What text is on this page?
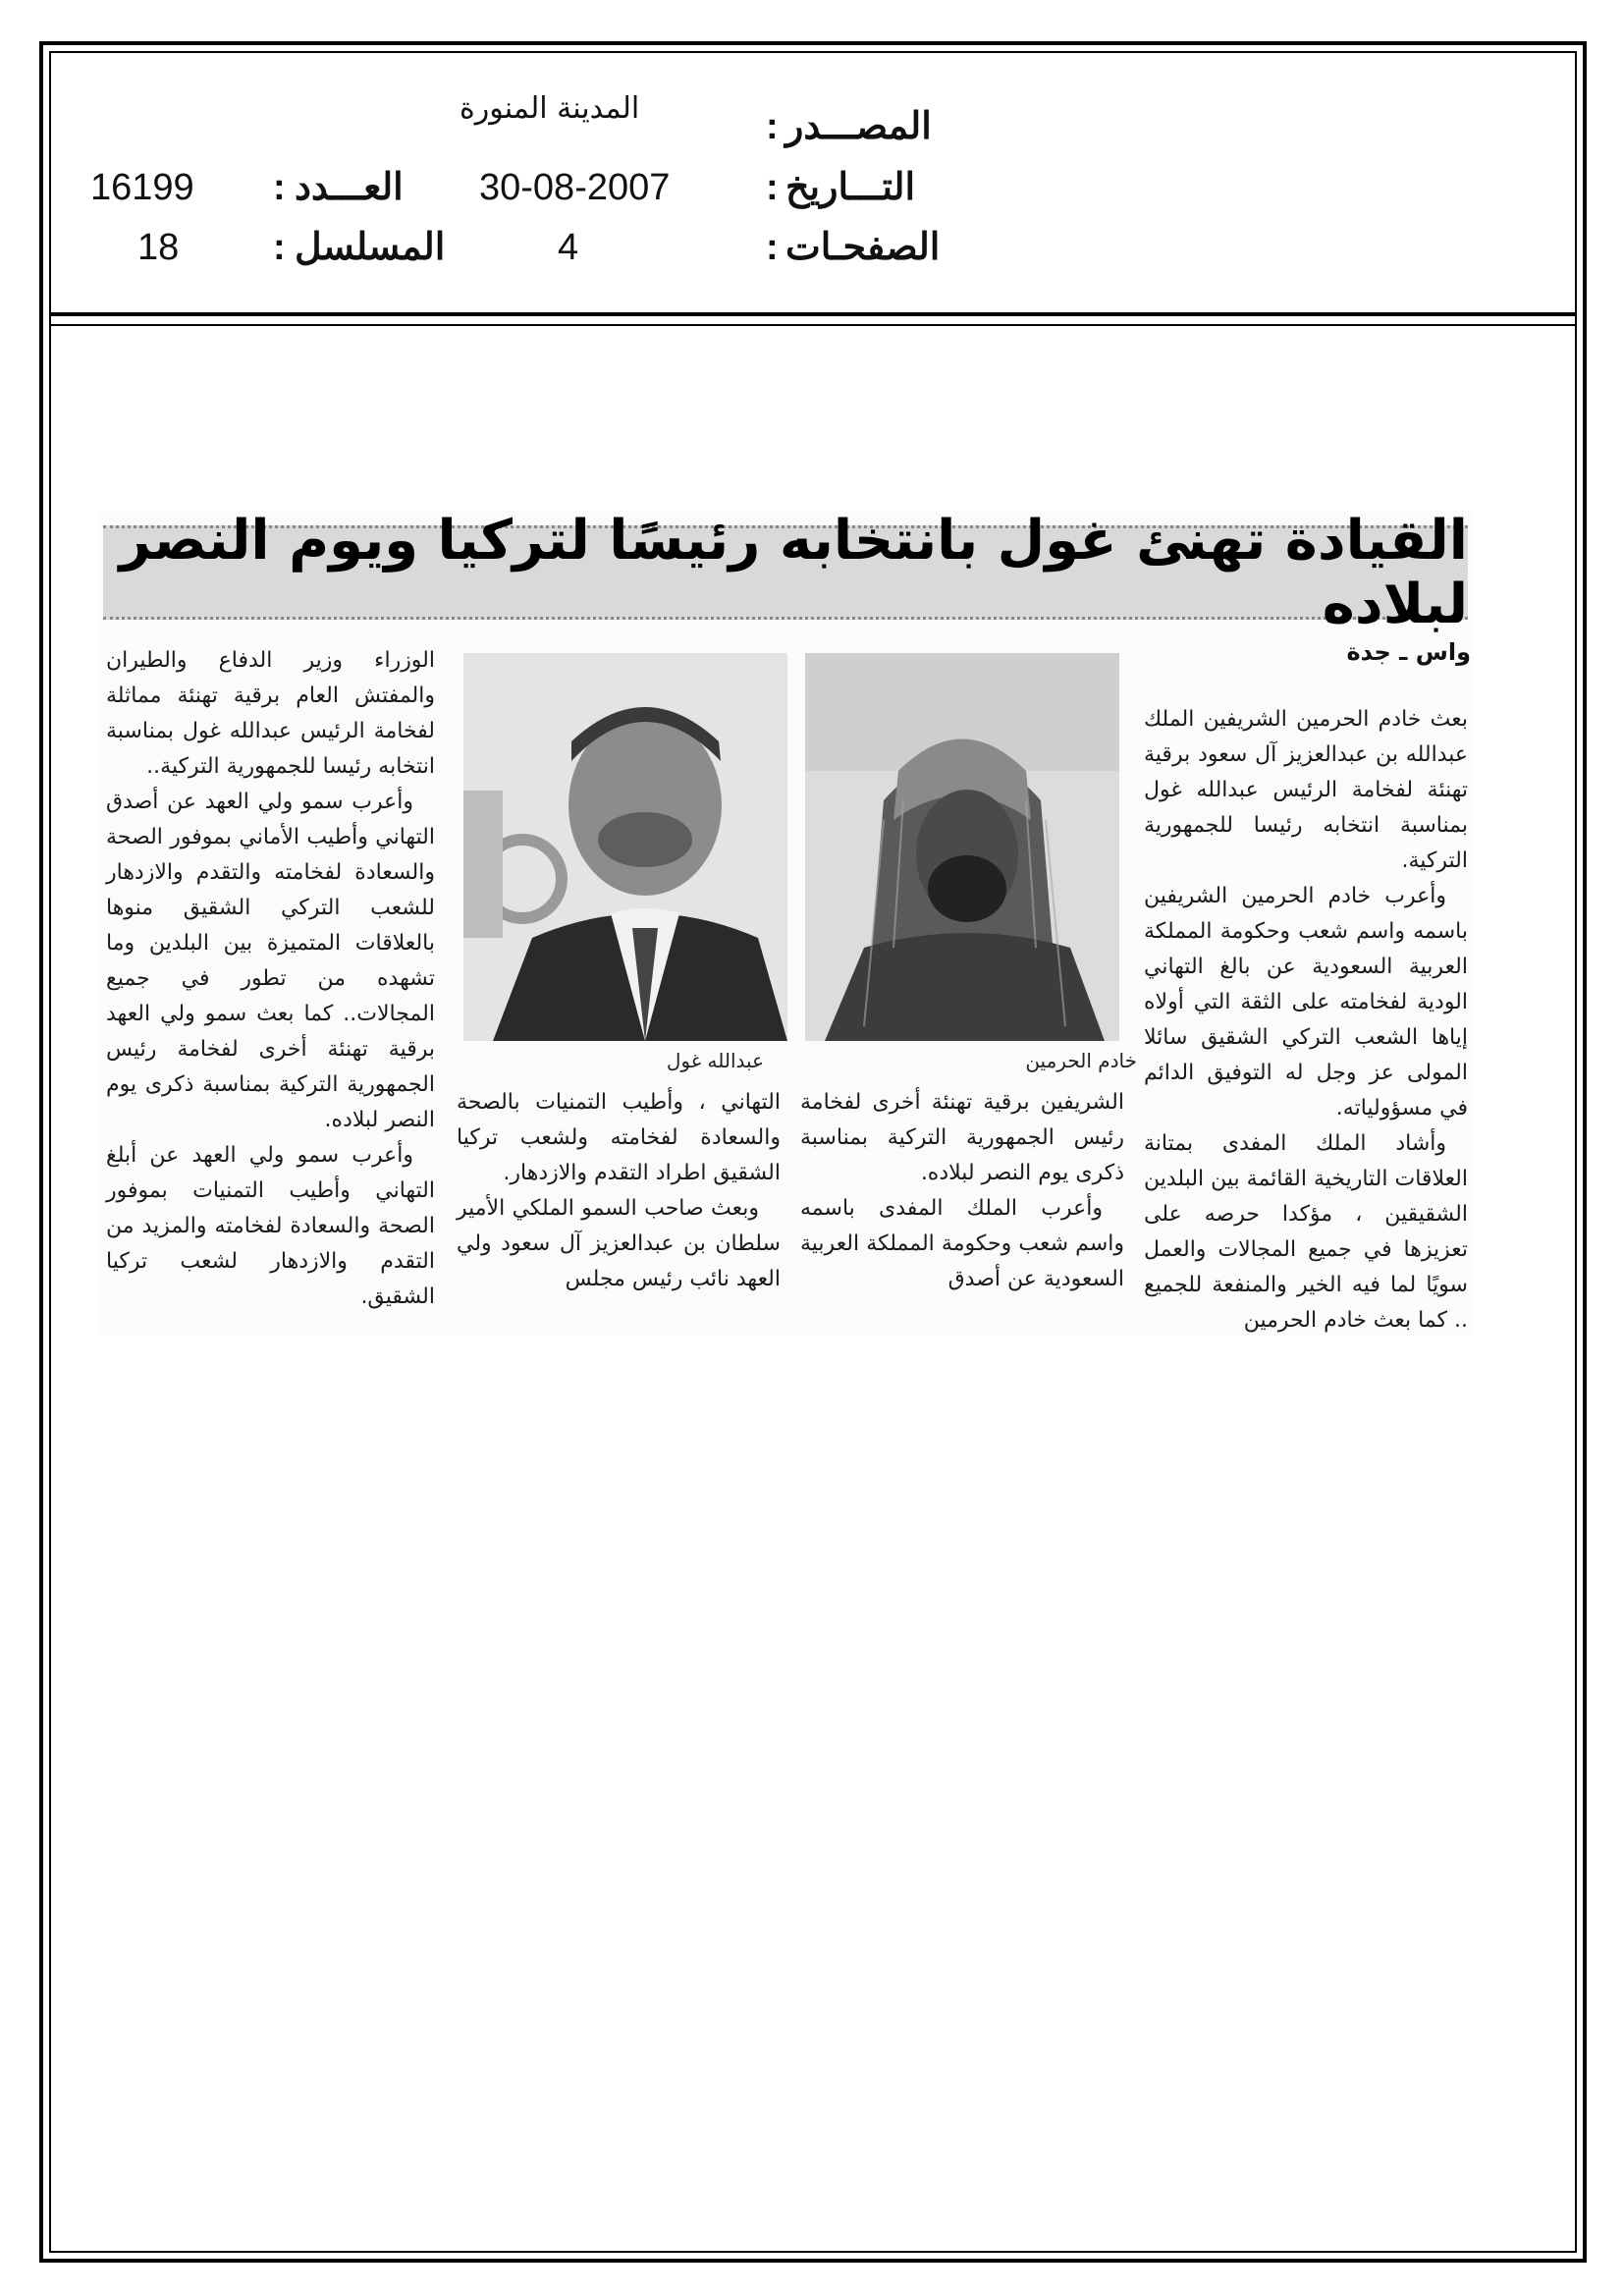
المصـــدر
:
المدينة المنورة
التـــاريخ
:
30-08-2007
الصفحـات
:
4
العـــدد
:
16199
المسلسل
:
18
القيادة تهنئ غول بانتخابه رئيسًا لتركيا ويوم النصر لبلاده
واس ـ جدة

بعث خادم الحرمين الشريفين الملك عبدالله بن عبدالعزيز آل سعود برقية تهنئة لفخامة الرئيس عبدالله غول بمناسبة انتخابه رئيسا للجمهورية التركية.

وأعرب خادم الحرمين الشريفين باسمه واسم شعب وحكومة المملكة العربية السعودية عن بالغ التهاني الودية لفخامته على الثقة التي أولاه إياها الشعب التركي الشقيق سائلا المولى عز وجل له التوفيق الدائم في مسؤولياته.

وأشاد الملك المفدى بمتانة العلاقات التاريخية القائمة بين البلدين الشقيقين ، مؤكدا حرصه على تعزيزها في جميع المجالات والعمل سويًا لما فيه الخير والمنفعة للجميع .. كما بعث خادم الحرمين

خادم الحرمين
عبدالله غول

الشريفين برقية تهنئة أخرى لفخامة رئيس الجمهورية التركية بمناسبة ذكرى يوم النصر لبلاده.

وأعرب الملك المفدى باسمه واسم شعب وحكومة المملكة العربية السعودية عن أصدق

التهاني ، وأطيب التمنيات بالصحة والسعادة لفخامته ولشعب تركيا الشقيق اطراد التقدم والازدهار.

وبعث صاحب السمو الملكي الأمير سلطان بن عبدالعزيز آل سعود ولي العهد نائب رئيس مجلس

الوزراء وزير الدفاع والطيران والمفتش العام برقية تهنئة مماثلة لفخامة الرئيس عبدالله غول بمناسبة انتخابه رئيسا للجمهورية التركية..

وأعرب سمو ولي العهد عن أصدق التهاني وأطيب الأماني بموفور الصحة والسعادة لفخامته والتقدم والازدهار للشعب التركي الشقيق منوها بالعلاقات المتميزة بين البلدين وما تشهده من تطور في جميع المجالات.. كما بعث سمو ولي العهد برقية تهنئة أخرى لفخامة رئيس الجمهورية التركية بمناسبة ذكرى يوم النصر لبلاده.

وأعرب سمو ولي العهد عن أبلغ التهاني وأطيب التمنيات بموفور الصحة والسعادة لفخامته والمزيد من التقدم والازدهار لشعب تركيا الشقيق.
